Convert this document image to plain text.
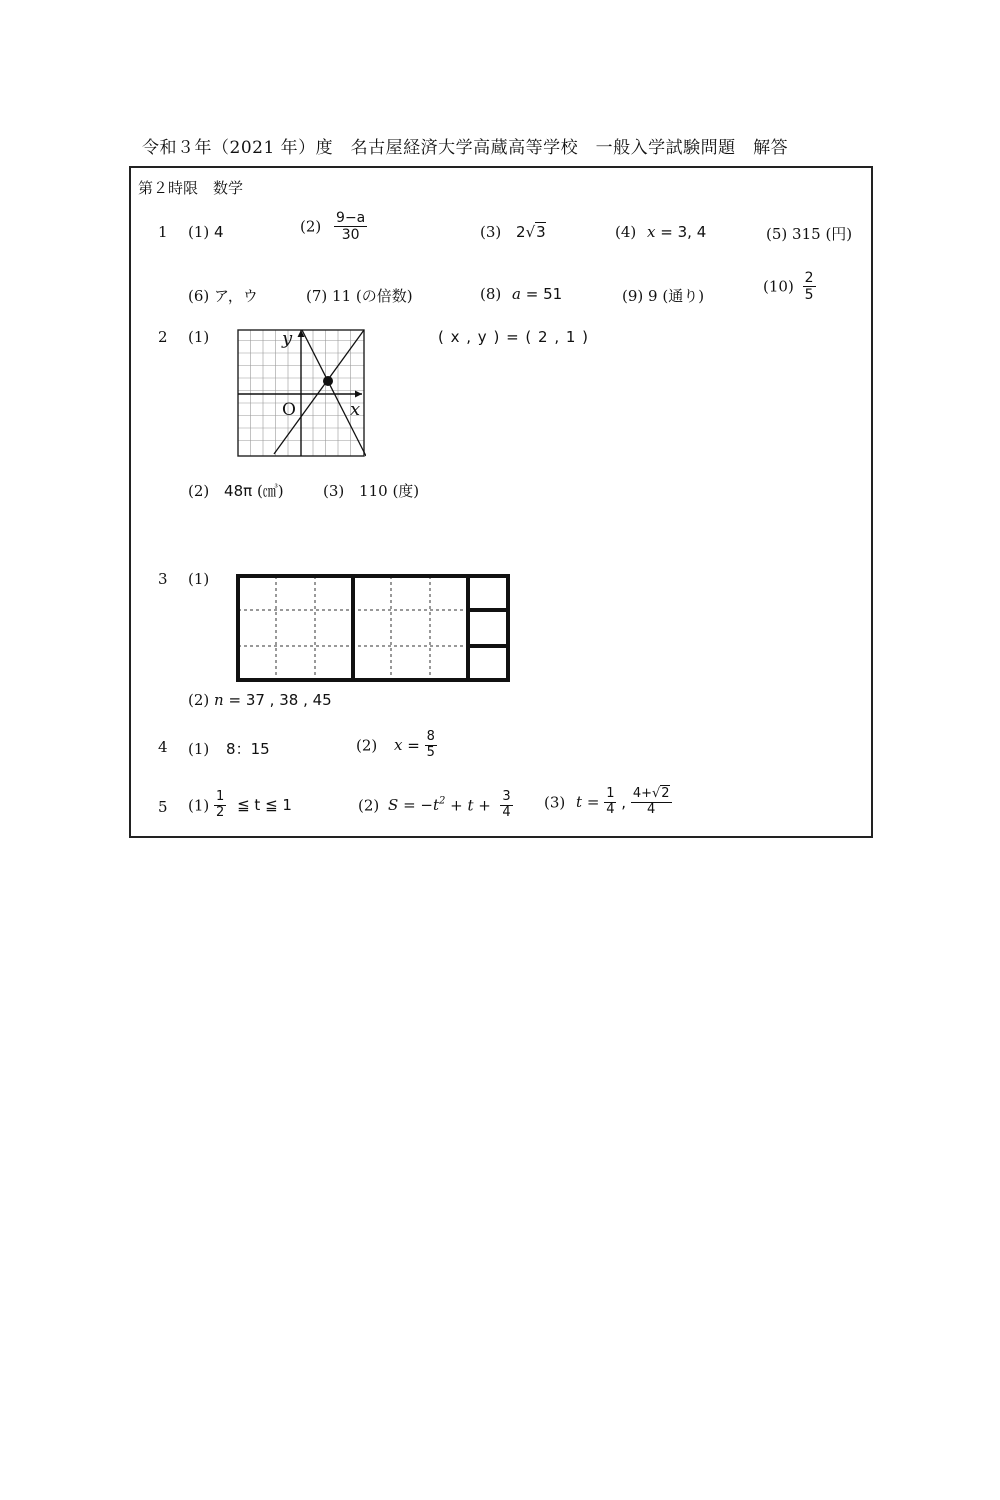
令和３年（2021 年）度　名古屋経済大学高蔵高等学校　一般入学試験問題　解答
第２時限　数学
1 (1) 4	$(2) \frac{9-a}{30}$	(3) 2√3	(4) x = 3, 4	(5) 315 (円)
(6) ア，ウ	(7) 11 (の倍数)	(8) a = 51	(9) 9 (通り)
$(10) \frac{2}{5}$
2 (1)	y
x
O
( x , y ) = ( 2 , 1 )
(2) 48π (㎤)	(3) 110 (度)
3 (1)
(2) n = 37 , 38 , 45
4 (1) 8：15	(2) $x = \frac{8}{5}$
5 $(1) \frac{1}{2}$ ≦ t ≦ 1	(2) $S = -t^2 + t + \frac{3}{4} (3) t = \frac{1}{4}$ , $\frac{4+√2}{4}$
